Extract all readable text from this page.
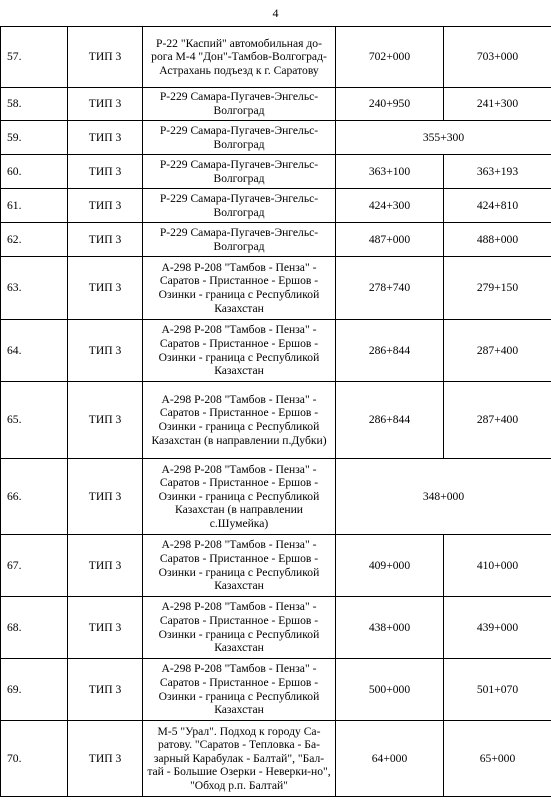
4
57.	ТИП 3	Р-22 "Каспий" автомобильная до-рога М-4 "Дон"-Тамбов-Волгоград-Астрахань подъезд к г. Саратову	702+000	703+000
58.	ТИП 3	Р-229 Самара-Пугачев-Энгельс-Волгоград	240+950	241+300
59.	ТИП 3	Р-229 Самара-Пугачев-Энгельс-Волгоград	355+300	
60.	ТИП 3	Р-229 Самара-Пугачев-Энгельс-Волгоград	363+100	363+193
61.	ТИП 3	Р-229 Самара-Пугачев-Энгельс-Волгоград	424+300	424+810
62.	ТИП 3	Р-229 Самара-Пугачев-Энгельс-Волгоград	487+000	488+000
63.	ТИП 3	А-298 Р-208 "Тамбов - Пенза" - Саратов - Пристанное - Ершов - Озинки - граница с Республикой Казахстан	278+740	279+150
64.	ТИП 3	А-298 Р-208 "Тамбов - Пенза" - Саратов - Пристанное - Ершов - Озинки - граница с Республикой Казахстан	286+844	287+400
65.	ТИП 3	А-298 Р-208 "Тамбов - Пенза" - Саратов - Пристанное - Ершов - Озинки - граница с Республикой Казахстан (в направлении п.Дубки)	286+844	287+400
66.	ТИП 3	А-298 Р-208 "Тамбов - Пенза" - Саратов - Пристанное - Ершов - Озинки - граница с Республикой Казахстан (в направлении с.Шумейка)	348+000	
67.	ТИП 3	А-298 Р-208 "Тамбов - Пенза" - Саратов - Пристанное - Ершов - Озинки - граница с Республикой Казахстан	409+000	410+000
68.	ТИП 3	А-298 Р-208 "Тамбов - Пенза" - Саратов - Пристанное - Ершов - Озинки - граница с Республикой Казахстан	438+000	439+000
69.	ТИП 3	А-298 Р-208 "Тамбов - Пенза" - Саратов - Пристанное - Ершов - Озинки - граница с Республикой Казахстан	500+000	501+070
70.	ТИП 3	М-5 "Урал". Подход к городу Са-ратову. "Саратов - Тепловка - Ба-зарный Карабулак - Балтай", "Бал-тай - Большие Озерки - Неверки-но", "Обход р.п. Балтай"	64+000	65+000
